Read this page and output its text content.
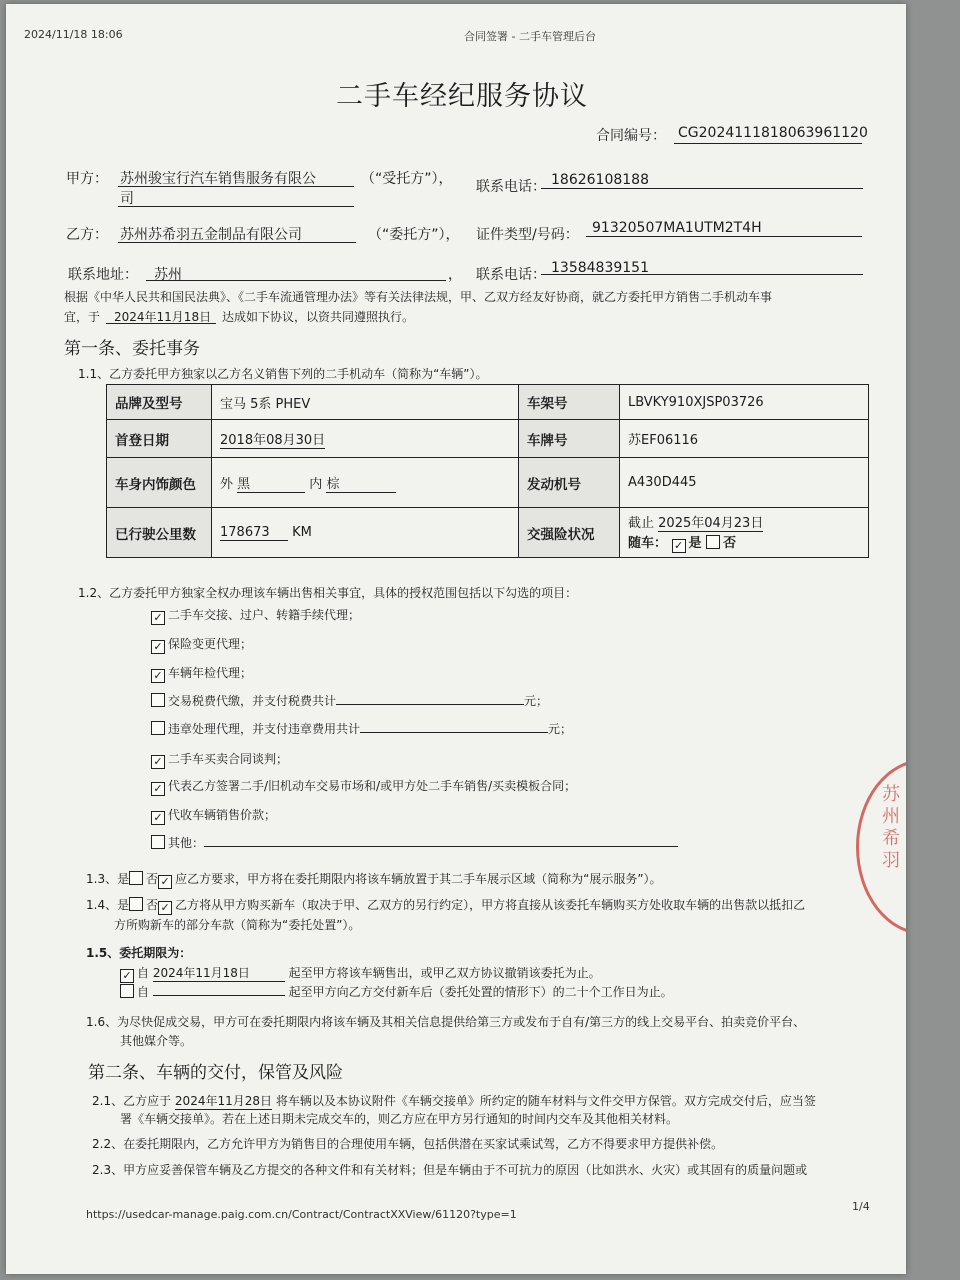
2024/11/18 18:06	合同签署 - 二手车管理后台
二手车经纪服务协议
合同编号： CG2024111818063961120
甲方： 苏州骏宝行汽车销售服务有限公
司
（“受托方”）， 联系电话： 18626108188
乙方： 苏州苏希羽五金制品有限公司	（“委托方”）， 证件类型/号码： 91320507MA1UTM2T4H
联系地址： 苏州	， 联系电话： 13584839151
根据《中华人民共和国民法典》、《二手车流通管理办法》等有关法律法规，甲、乙双方经友好协商，就乙方委托甲方销售二手机动车事
宜，于 2024年11月18日 达成如下协议，以资共同遵照执行。
第一条、委托事务
1.1、乙方委托甲方独家以乙方名义销售下列的二手机动车（简称为“车辆”）。
品牌及型号	宝马 5系 PHEV	车架号	LBVKY910XJSP03726
首登日期	2018年08月30日	车牌号	苏EF06116
车身内饰颜色	外 黑 内 棕	发动机号	A430D445
已行驶公里数	178673 KM	交强险状况	截止 2025年04月23日
随车： ✓ 是 否
1.2、乙方委托甲方独家全权办理该车辆出售相关事宜，具体的授权范围包括以下勾选的项目：
✓ 二手车交接、过户、转籍手续代理；
✓ 保险变更代理；
✓ 车辆年检代理；
交易税费代缴，并支付税费共计	元；
违章处理代理，并支付违章费用共计	元；
✓ 二手车买卖合同谈判；
✓ 代表乙方签署二手/旧机动车交易市场和/或甲方处二手车销售/买卖模板合同；
✓ 代收车辆销售价款；
其他：
1.3、是 否 ✓ 应乙方要求，甲方将在委托期限内将该车辆放置于其二手车展示区域（简称为“展示服务”）。
1.4、是 否 ✓ 乙方将从甲方购买新车（取决于甲、乙双方的另行约定），甲方将直接从该委托车辆购买方处收取车辆的出售款以抵扣乙
方所购新车的部分车款（简称为“委托处置”）。
1.5、委托期限为：
✓ 自 2024年11月18日	起至甲方将该车辆售出，或甲乙双方协议撤销该委托为止。
自	起至甲方向乙方交付新车后（委托处置的情形下）的二十个工作日为止。
1.6、为尽快促成交易，甲方可在委托期限内将该车辆及其相关信息提供给第三方或发布于自有/第三方的线上交易平台、拍卖竞价平台、
其他媒介等。
第二条、车辆的交付，保管及风险
2.1、乙方应于 2024年11月28日 将车辆以及本协议附件《车辆交接单》所约定的随车材料与文件交甲方保管。双方完成交付后，应当签
署《车辆交接单》。若在上述日期未完成交车的，则乙方应在甲方另行通知的时间内交车及其他相关材料。
2.2、在委托期限内，乙方允许甲方为销售目的合理使用车辆，包括供潜在买家试乘试驾，乙方不得要求甲方提供补偿。
2.3、甲方应妥善保管车辆及乙方提交的各种文件和有关材料；但是车辆由于不可抗力的原因（比如洪水、火灾）或其固有的质量问题或
https://usedcar-manage.paig.com.cn/Contract/ContractXXView/61120?type=1
1/4
苏州希羽
